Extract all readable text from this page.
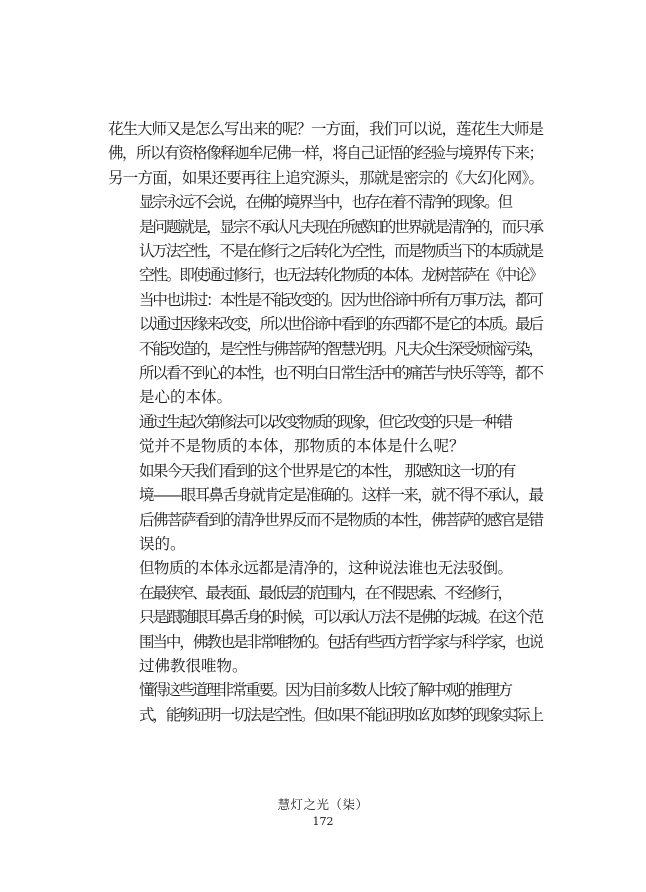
花生大师又是怎么写出来的呢？一方面，我们可以说，莲花生大师是
佛，所以有资格像释迦牟尼佛一样，将自己证悟的经验与境界传下来；
另一方面，如果还要再往上追究源头，那就是密宗的《大幻化网》。

显宗永远不会说，在佛的境界当中，也存在着不清净的现象。但
是问题就是，显宗不承认凡夫现在所感知的世界就是清净的，而只承
认万法空性，不是在修行之后转化为空性，而是物质当下的本质就是
空性。即使通过修行，也无法转化物质的本体。龙树菩萨在《中论》
当中也讲过：本性是不能改变的。因为世俗谛中所有万事万法，都可
以通过因缘来改变，所以世俗谛中看到的东西都不是它的本质。最后
不能改造的，是空性与佛菩萨的智慧光明。凡夫众生深受烦恼污染，
所以看不到心的本性，也不明白日常生活中的痛苦与快乐等等，都不
是心的本体。

通过生起次第修法可以改变物质的现象，但它改变的只是一种错
觉并不是物质的本体，那物质的本体是什么呢？

如果今天我们看到的这个世界是它的本性， 那感知这一切的有
境——眼耳鼻舌身就肯定是准确的。这样一来，就不得不承认，最
后佛菩萨看到的清净世界反而不是物质的本性，佛菩萨的感官是错
误的。

但物质的本体永远都是清净的，这种说法谁也无法驳倒。

在最狭窄、最表面、最低层的范围内，在不假思索、不经修行，
只是跟随眼耳鼻舌身的时候，可以承认万法不是佛的坛城。在这个范
围当中，佛教也是非常唯物的。包括有些西方哲学家与科学家，也说
过佛教很唯物。

懂得这些道理非常重要。因为目前多数人比较了解中观的推理方
式，能够证明一切法是空性。但如果不能证明如幻如梦的现象实际上

慧灯之光（柒）
172
